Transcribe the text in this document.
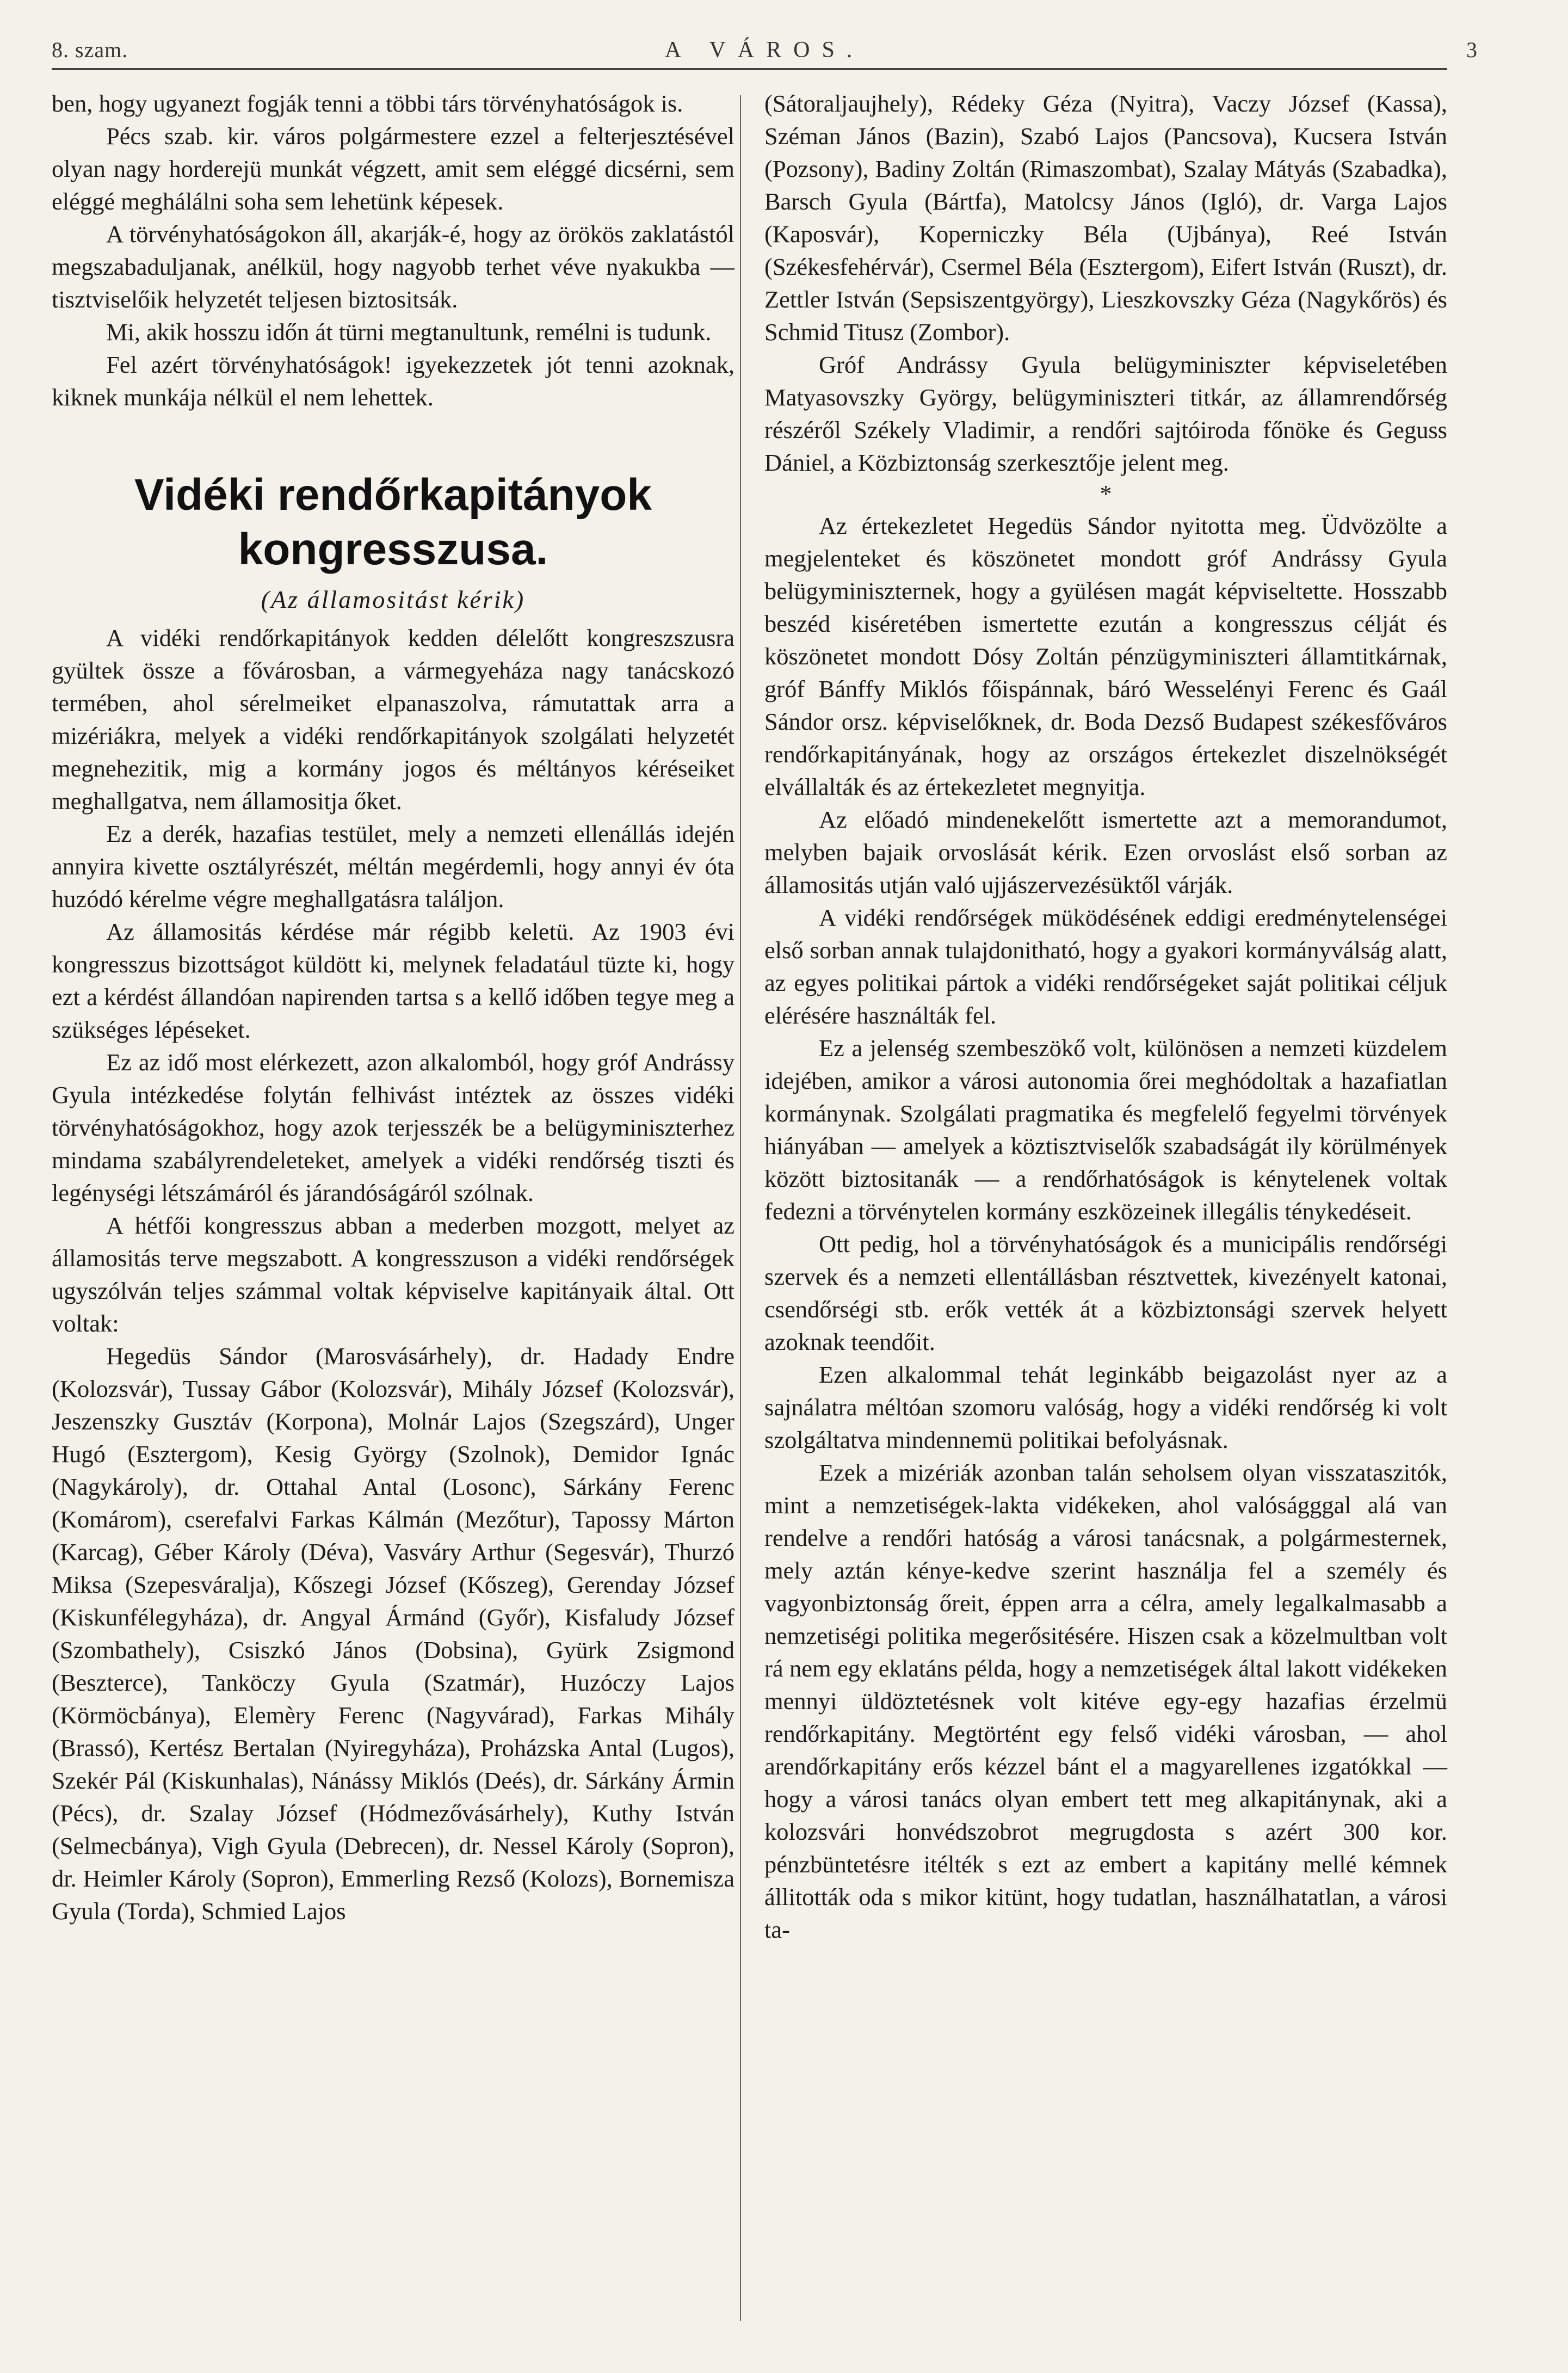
8. szam.	A VÁROS.	3

ben, hogy ugyanezt fogják tenni a többi társ törvényhatóságok is.

Pécs szab. kir. város polgármestere ezzel a felterjesztésével olyan nagy horderejü munkát végzett, amit sem eléggé dicsérni, sem eléggé meghálálni soha sem lehetünk képesek.

A törvényhatóságokon áll, akarják-é, hogy az örökös zaklatástól megszabaduljanak, anélkül, hogy nagyobb terhet véve nyakukba — tisztviselőik helyzetét teljesen biztositsák.

Mi, akik hosszu időn át türni megtanultunk, remélni is tudunk.

Fel azért törvényhatóságok! igyekezzetek jót tenni azoknak, kiknek munkája nélkül el nem lehettek.

Vidéki rendőrkapitányok kongresszusa.
(Az államositást kérik)

A vidéki rendőrkapitányok kedden délelőtt kongreszszusra gyültek össze a fővárosban, a vármegyeháza nagy tanácskozó termében, ahol sérelmeiket elpanaszolva, rámutattak arra a mizériákra, melyek a vidéki rendőrkapitányok szolgálati helyzetét megnehezitik, mig a kormány jogos és méltányos kéréseiket meghallgatva, nem államositja őket.

Ez a derék, hazafias testület, mely a nemzeti ellenállás idején annyira kivette osztályrészét, méltán megérdemli, hogy annyi év óta huzódó kérelme végre meghallgatásra találjon.

Az államositás kérdése már régibb keletü. Az 1903 évi kongresszus bizottságot küldött ki, melynek feladatául tüzte ki, hogy ezt a kérdést állandóan napirenden tartsa s a kellő időben tegye meg a szükséges lépéseket.

Ez az idő most elérkezett, azon alkalomból, hogy gróf Andrássy Gyula intézkedése folytán felhivást intéztek az összes vidéki törvényhatóságokhoz, hogy azok terjesszék be a belügyminiszterhez mindama szabályrendeleteket, amelyek a vidéki rendőrség tiszti és legénységi létszámáról és járandóságáról szólnak.

A hétfői kongresszus abban a mederben mozgott, melyet az államositás terve megszabott. A kongresszuson a vidéki rendőrségek ugyszólván teljes számmal voltak képviselve kapitányaik által. Ott voltak:

Hegedüs Sándor (Marosvásárhely), dr. Hadady Endre (Kolozsvár), Tussay Gábor (Kolozsvár), Mihály József (Kolozsvár), Jeszenszky Gusztáv (Korpona), Molnár Lajos (Szegszárd), Unger Hugó (Esztergom), Kesig György (Szolnok), Demidor Ignác (Nagykároly), dr. Ottahal Antal (Losonc), Sárkány Ferenc (Komárom), cserefalvi Farkas Kálmán (Mezőtur), Tapossy Márton (Karcag), Géber Károly (Déva), Vasváry Arthur (Segesvár), Thurzó Miksa (Szepesváralja), Kőszegi József (Kőszeg), Gerenday József (Kiskunfélegyháza), dr. Angyal Ármánd (Győr), Kisfaludy József (Szombathely), Csiszkó János (Dobsina), Gyürk Zsigmond (Beszterce), Tanköczy Gyula (Szatmár), Huzóczy Lajos (Körmöcbánya), Elemèry Ferenc (Nagyvárad), Farkas Mihály (Brassó), Kertész Bertalan (Nyiregyháza), Proházska Antal (Lugos), Szekér Pál (Kiskunhalas), Nánássy Miklós (Deés), dr. Sárkány Ármin (Pécs), dr. Szalay József (Hódmezővásárhely), Kuthy István (Selmecbánya), Vigh Gyula (Debrecen), dr. Nessel Károly (Sopron), dr. Heimler Károly (Sopron), Emmerling Rezső (Kolozs), Bornemisza Gyula (Torda), Schmied Lajos

(Sátoraljaujhely), Rédeky Géza (Nyitra), Vaczy József (Kassa), Széman János (Bazin), Szabó Lajos (Pancsova), Kucsera István (Pozsony), Badiny Zoltán (Rimaszombat), Szalay Mátyás (Szabadka), Barsch Gyula (Bártfa), Matolcsy János (Igló), dr. Varga Lajos (Kaposvár), Koperniczky Béla (Ujbánya), Reé István (Székesfehérvár), Csermel Béla (Esztergom), Eifert István (Ruszt), dr. Zettler István (Sepsiszentgyörgy), Lieszkovszky Géza (Nagykőrös) és Schmid Titusz (Zombor).

Gróf Andrássy Gyula belügyminiszter képviseletében Matyasovszky György, belügyminiszteri titkár, az államrendőrség részéről Székely Vladimir, a rendőri sajtóiroda főnöke és Geguss Dániel, a Közbiztonság szerkesztője jelent meg.

*

Az értekezletet Hegedüs Sándor nyitotta meg. Üdvözölte a megjelenteket és köszönetet mondott gróf Andrássy Gyula belügyminiszternek, hogy a gyülésen magát képviseltette. Hosszabb beszéd kiséretében ismertette ezután a kongresszus célját és köszönetet mondott Dósy Zoltán pénzügyminiszteri államtitkárnak, gróf Bánffy Miklós főispánnak, báró Wesselényi Ferenc és Gaál Sándor orsz. képviselőknek, dr. Boda Dezső Budapest székesfőváros rendőrkapitányának, hogy az országos értekezlet diszelnökségét elvállalták és az értekezletet megnyitja.

Az előadó mindenekelőtt ismertette azt a memorandumot, melyben bajaik orvoslását kérik. Ezen orvoslást első sorban az államositás utján való ujjászervezésüktől várják.

A vidéki rendőrségek müködésének eddigi eredménytelenségei első sorban annak tulajdonitható, hogy a gyakori kormányválság alatt, az egyes politikai pártok a vidéki rendőrségeket saját politikai céljuk elérésére használták fel.

Ez a jelenség szembeszökő volt, különösen a nemzeti küzdelem idejében, amikor a városi autonomia őrei meghódoltak a hazafiatlan kormánynak. Szolgálati pragmatika és megfelelő fegyelmi törvények hiányában — amelyek a köztisztviselők szabadságát ily körülmények között biztositanák — a rendőrhatóságok is kénytelenek voltak fedezni a törvénytelen kormány eszközeinek illegális ténykedéseit.

Ott pedig, hol a törvényhatóságok és a municipális rendőrségi szervek és a nemzeti ellentállásban résztvettek, kivezényelt katonai, csendőrségi stb. erők vették át a közbiztonsági szervek helyett azoknak teendőit.

Ezen alkalommal tehát leginkább beigazolást nyer az a sajnálatra méltóan szomoru valóság, hogy a vidéki rendőrség ki volt szolgáltatva mindennemü politikai befolyásnak.

Ezek a mizériák azonban talán seholsem olyan visszataszitók, mint a nemzetiségek-lakta vidékeken, ahol valóságggal alá van rendelve a rendőri hatóság a városi tanácsnak, a polgármesternek, mely aztán kénye-kedve szerint használja fel a személy és vagyonbiztonság őreit, éppen arra a célra, amely legalkalmasabb a nemzetiségi politika megerősitésére. Hiszen csak a közelmultban volt rá nem egy eklatáns példa, hogy a nemzetiségek által lakott vidékeken mennyi üldöztetésnek volt kitéve egy-egy hazafias érzelmü rendőrkapitány. Megtörtént egy felső vidéki városban, — ahol arendőrkapitány erős kézzel bánt el a magyarellenes izgatókkal — hogy a városi tanács olyan embert tett meg alkapitánynak, aki a kolozsvári honvédszobrot megrugdosta s azért 300 kor. pénzbüntetésre itélték s ezt az embert a kapitány mellé kémnek állitották oda s mikor kitünt, hogy tudatlan, használhatatlan, a városi ta-
